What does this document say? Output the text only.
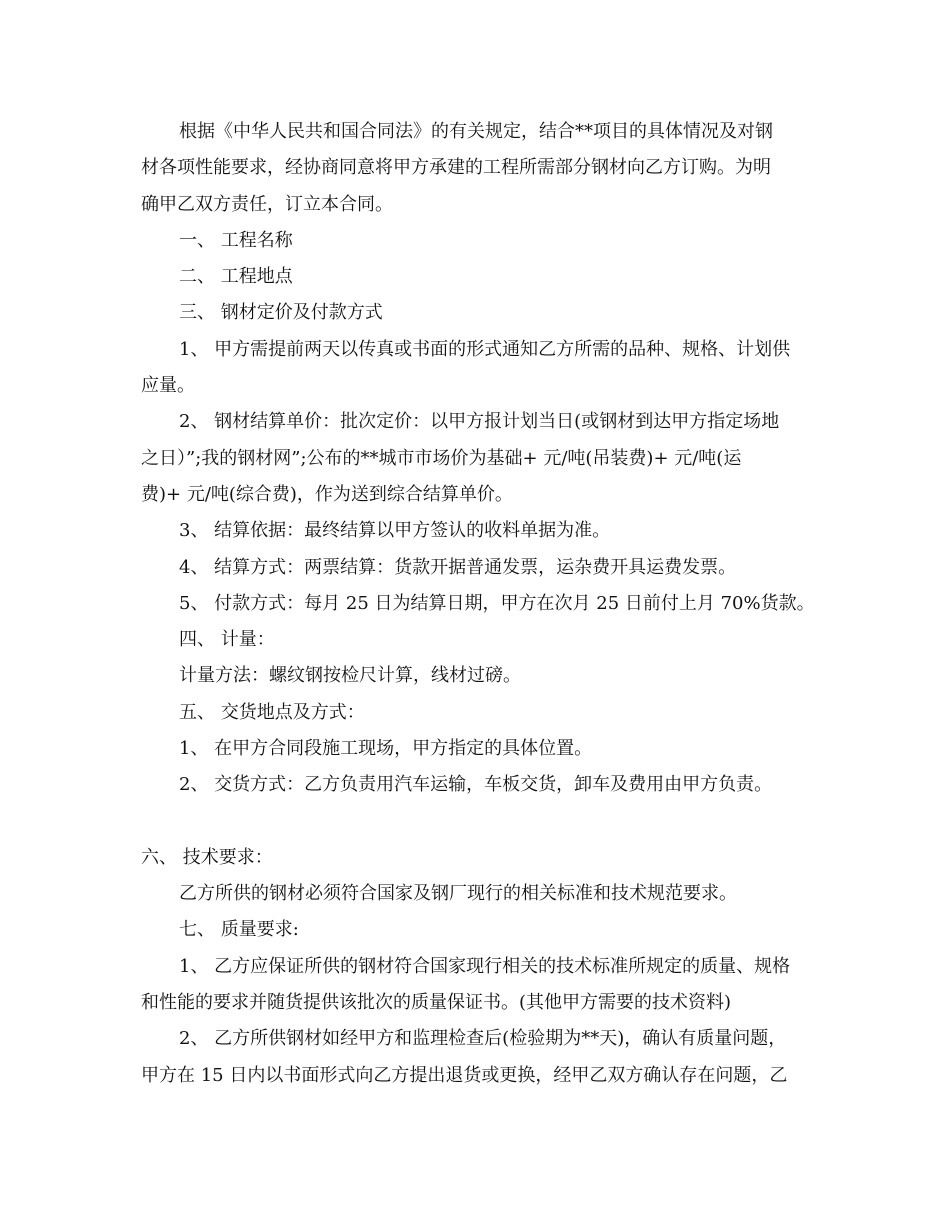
根据《中华人民共和国合同法》的有关规定，结合**项目的具体情况及对钢
材各项性能要求，经协商同意将甲方承建的工程所需部分钢材向乙方订购。为明
确甲乙双方责任，订立本合同。
一、 工程名称
二、 工程地点
三、 钢材定价及付款方式
1、 甲方需提前两天以传真或书面的形式通知乙方所需的品种、规格、计划供
应量。
2、 钢材结算单价：批次定价：以甲方报计划当日(或钢材到达甲方指定场地
之日）”;我的钢材网”;公布的**城市市场价为基础+ 元/吨(吊装费)+ 元/吨(运
费)+ 元/吨(综合费)，作为送到综合结算单价。
3、 结算依据：最终结算以甲方签认的收料单据为准。
4、 结算方式：两票结算：货款开据普通发票，运杂费开具运费发票。
5、 付款方式：每月 25 日为结算日期，甲方在次月 25 日前付上月 70%货款。
四、 计量：
计量方法：螺纹钢按检尺计算，线材过磅。
五、 交货地点及方式：
1、 在甲方合同段施工现场，甲方指定的具体位置。
2、 交货方式：乙方负责用汽车运输，车板交货，卸车及费用由甲方负责。
六、 技术要求：
乙方所供的钢材必须符合国家及钢厂现行的相关标准和技术规范要求。
七、 质量要求:
1、 乙方应保证所供的钢材符合国家现行相关的技术标准所规定的质量、规格
和性能的要求并随货提供该批次的质量保证书。(其他甲方需要的技术资料)
2、 乙方所供钢材如经甲方和监理检查后(检验期为**天)，确认有质量问题，
甲方在 15 日内以书面形式向乙方提出退货或更换，经甲乙双方确认存在问题，乙
